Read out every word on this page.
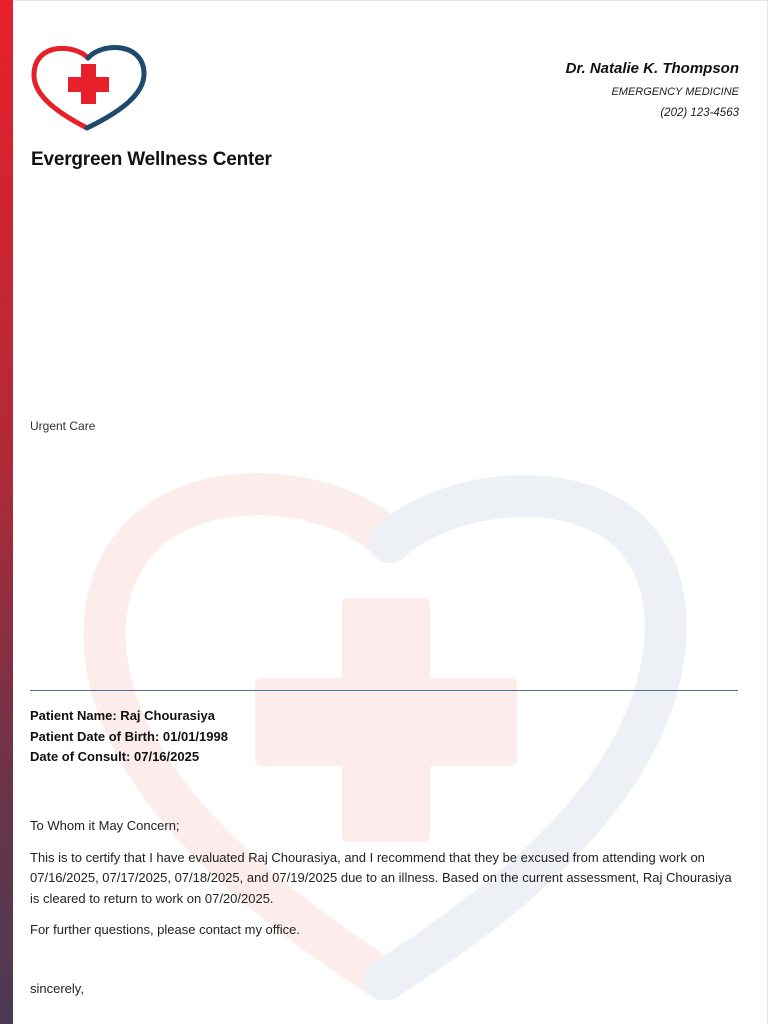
Evergreen Wellness Center
Dr. Natalie K. Thompson
EMERGENCY MEDICINE
(202) 123-4563
Urgent Care
Patient Name: Raj Chourasiya
Patient Date of Birth: 01/01/1998
Date of Consult: 07/16/2025

To Whom it May Concern;

This is to certify that I have evaluated Raj Chourasiya, and I recommend that they be excused from attending work on 07/16/2025, 07/17/2025, 07/18/2025, and 07/19/2025 due to an illness. Based on the current assessment, Raj Chourasiya is cleared to return to work on 07/20/2025.

For further questions, please contact my office.

sincerely,
